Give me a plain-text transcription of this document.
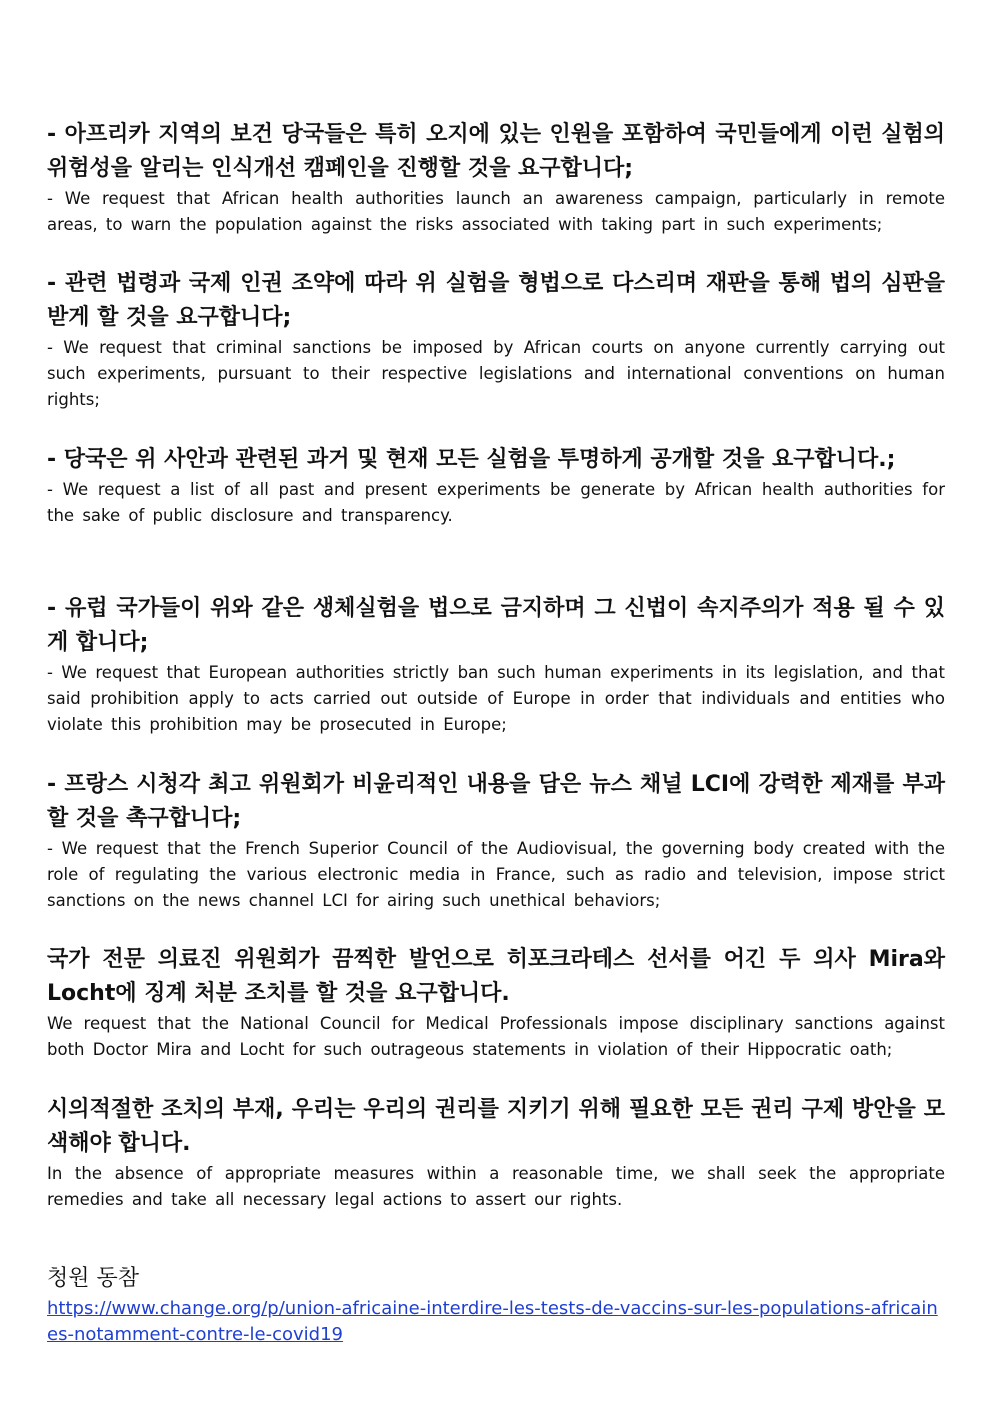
- 아프리카 지역의 보건 당국들은 특히 오지에 있는 인원을 포함하여 국민들에게 이런 실험의 위험성을 알리는 인식개선 캠페인을 진행할 것을 요구합니다;

- We request that African health authorities launch an awareness campaign, particularly in remote areas, to warn the population against the risks associated with taking part in such experiments;

- 관련 법령과 국제 인권 조약에 따라 위 실험을 형법으로 다스리며 재판을 통해 법의 심판을 받게 할 것을 요구합니다;

- We request that criminal sanctions be imposed by African courts on anyone currently carrying out such experiments, pursuant to their respective legislations and international conventions on human rights;

- 당국은 위 사안과 관련된 과거 및 현재 모든 실험을 투명하게 공개할 것을 요구합니다.;

- We request a list of all past and present experiments be generate by African health authorities for the sake of public disclosure and transparency.

- 유럽 국가들이 위와 같은 생체실험을 법으로 금지하며 그 신법이 속지주의가 적용 될 수 있게 합니다;

- We request that European authorities strictly ban such human experiments in its legislation, and that said prohibition apply to acts carried out outside of Europe in order that individuals and entities who violate this prohibition may be prosecuted in Europe;

- 프랑스 시청각 최고 위원회가 비윤리적인 내용을 담은 뉴스 채널 LCI에 강력한 제재를 부과할 것을 촉구합니다;

- We request that the French Superior Council of the Audiovisual, the governing body created with the role of regulating the various electronic media in France, such as radio and television, impose strict sanctions on the news channel LCI for airing such unethical behaviors;

국가 전문 의료진 위원회가 끔찍한 발언으로 히포크라테스 선서를 어긴 두 의사 Mira와 Locht에 징계 처분 조치를 할 것을 요구합니다.

We request that the National Council for Medical Professionals impose disciplinary sanctions against both Doctor Mira and Locht for such outrageous statements in violation of their Hippocratic oath;

시의적절한 조치의 부재, 우리는 우리의 권리를 지키기 위해 필요한 모든 권리 구제 방안을 모색해야 합니다.

In the absence of appropriate measures within a reasonable time, we shall seek the appropriate remedies and take all necessary legal actions to assert our rights.

청원 동참

https://www.change.org/p/union-africaine-interdire-les-tests-de-vaccins-sur-les-populations-africaines-notamment-contre-le-covid19
